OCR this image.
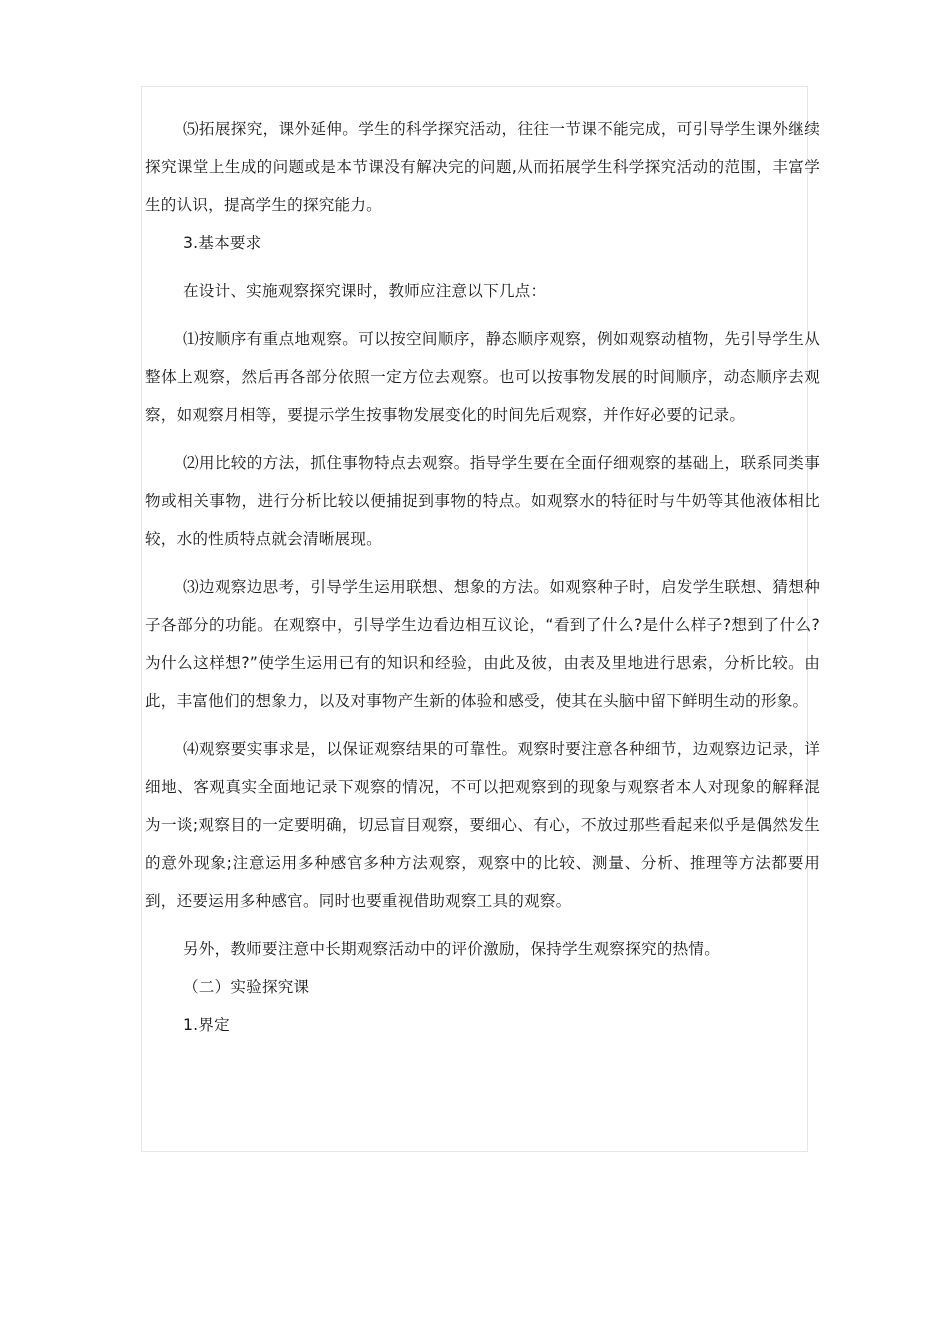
⑸拓展探究，课外延伸。学生的科学探究活动，往往一节课不能完成，可引导学生课外继续探究课堂上生成的问题或是本节课没有解决完的问题,从而拓展学生科学探究活动的范围，丰富学生的认识，提高学生的探究能力。

3.基本要求

在设计、实施观察探究课时，教师应注意以下几点：

⑴按顺序有重点地观察。可以按空间顺序，静态顺序观察，例如观察动植物，先引导学生从整体上观察，然后再各部分依照一定方位去观察。也可以按事物发展的时间顺序，动态顺序去观察，如观察月相等，要提示学生按事物发展变化的时间先后观察，并作好必要的记录。

⑵用比较的方法，抓住事物特点去观察。指导学生要在全面仔细观察的基础上，联系同类事物或相关事物，进行分析比较以便捕捉到事物的特点。如观察水的特征时与牛奶等其他液体相比较，水的性质特点就会清晰展现。

⑶边观察边思考，引导学生运用联想、想象的方法。如观察种子时，启发学生联想、猜想种子各部分的功能。在观察中，引导学生边看边相互议论，“看到了什么?是什么样子?想到了什么?为什么这样想?”使学生运用已有的知识和经验，由此及彼，由表及里地进行思索，分析比较。由此，丰富他们的想象力，以及对事物产生新的体验和感受，使其在头脑中留下鲜明生动的形象。

⑷观察要实事求是，以保证观察结果的可靠性。观察时要注意各种细节，边观察边记录，详细地、客观真实全面地记录下观察的情况，不可以把观察到的现象与观察者本人对现象的解释混为一谈;观察目的一定要明确，切忌盲目观察，要细心、有心，不放过那些看起来似乎是偶然发生的意外现象;注意运用多种感官多种方法观察，观察中的比较、测量、分析、推理等方法都要用到，还要运用多种感官。同时也要重视借助观察工具的观察。

另外，教师要注意中长期观察活动中的评价激励，保持学生观察探究的热情。

（二）实验探究课

1.界定
